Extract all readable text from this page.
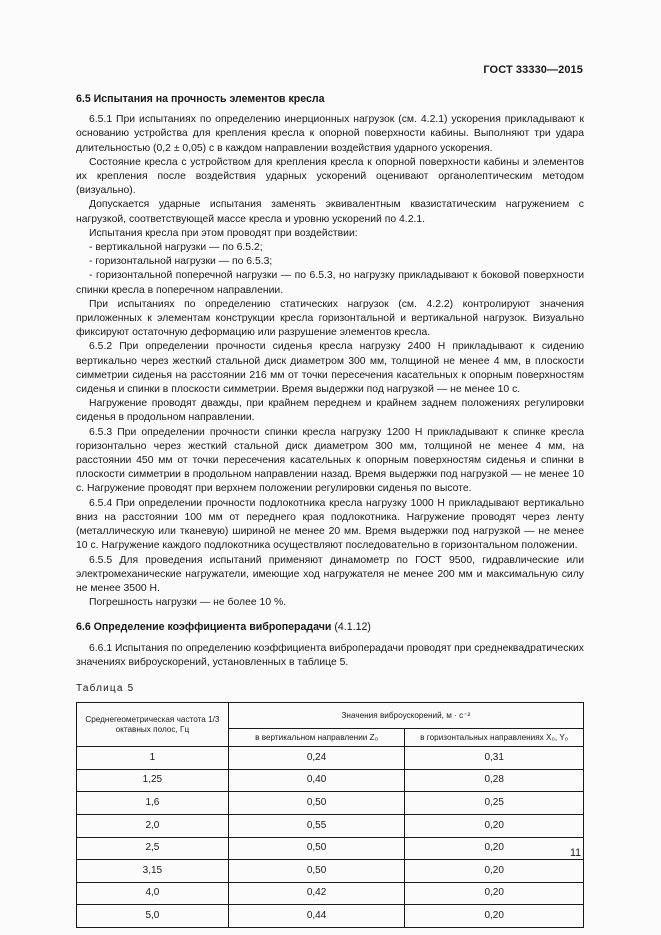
ГОСТ 33330—2015
6.5 Испытания на прочность элементов кресла

6.5.1 При испытаниях по определению инерционных нагрузок (см. 4.2.1) ускорения прикладывают к основанию устройства для крепления кресла к опорной поверхности кабины. Выполняют три удара длительностью (0,2 ± 0,05) с в каждом направлении воздействия ударного ускорения.

Состояние кресла с устройством для крепления кресла к опорной поверхности кабины и элементов их крепления после воздействия ударных ускорений оценивают органолептическим методом (визуально).

Допускается ударные испытания заменять эквивалентным квазистатическим нагружением с нагрузкой, соответствующей массе кресла и уровню ускорений по 4.2.1.

Испытания кресла при этом проводят при воздействии:

- вертикальной нагрузки — по 6.5.2;

- горизонтальной нагрузки — по 6.5.3;

- горизонтальной поперечной нагрузки — по 6.5.3, но нагрузку прикладывают к боковой поверхности спинки кресла в поперечном направлении.

При испытаниях по определению статических нагрузок (см. 4.2.2) контролируют значения приложенных к элементам конструкции кресла горизонтальной и вертикальной нагрузок. Визуально фиксируют остаточную деформацию или разрушение элементов кресла.

6.5.2 При определении прочности сиденья кресла нагрузку 2400 Н прикладывают к сидению вертикально через жесткий стальной диск диаметром 300 мм, толщиной не менее 4 мм, в плоскости симметрии сиденья на расстоянии 216 мм от точки пересечения касательных к опорным поверхностям сиденья и спинки в плоскости симметрии. Время выдержки под нагрузкой — не менее 10 с.

Нагружение проводят дважды, при крайнем переднем и крайнем заднем положениях регулировки сиденья в продольном направлении.

6.5.3 При определении прочности спинки кресла нагрузку 1200 Н прикладывают к спинке кресла горизонтально через жесткий стальной диск диаметром 300 мм, толщиной не менее 4 мм, на расстоянии 450 мм от точки пересечения касательных к опорным поверхностям сиденья и спинки в плоскости симметрии в продольном направлении назад. Время выдержки под нагрузкой — не менее 10 с. Нагружение проводят при верхнем положении регулировки сиденья по высоте.

6.5.4 При определении прочности подлокотника кресла нагрузку 1000 Н прикладывают вертикально вниз на расстоянии 100 мм от переднего края подлокотника. Нагружение проводят через ленту (металлическую или тканевую) шириной не менее 20 мм. Время выдержки под нагрузкой — не менее 10 с. Нагружение каждого подлокотника осуществляют последовательно в горизонтальном положении.

6.5.5 Для проведения испытаний применяют динамометр по ГОСТ 9500, гидравлические или электромеханические нагружатели, имеющие ход нагружателя не менее 200 мм и максимальную силу не менее 3500 Н.

Погрешность нагрузки — не более 10 %.

6.6 Определение коэффициента виброперадачи (4.1.12)

6.6.1 Испытания по определению коэффициента виброперадачи проводят при среднеквадратических значениях виброускорений, установленных в таблице 5.

Таблица 5
Среднегеометрическая частота 1/3 октавных полос, Гц	Значения виброускорений, м · с⁻²	
	в вертикальном направлении Z₀	в горизонтальных направлениях X₀, Y₀
1	0,24	0,31
1,25	0,40	0,28
1,6	0,50	0,25
2,0	0,55	0,20
2,5	0,50	0,20
3,15	0,50	0,20
4,0	0,42	0,20
5,0	0,44	0,20
11
